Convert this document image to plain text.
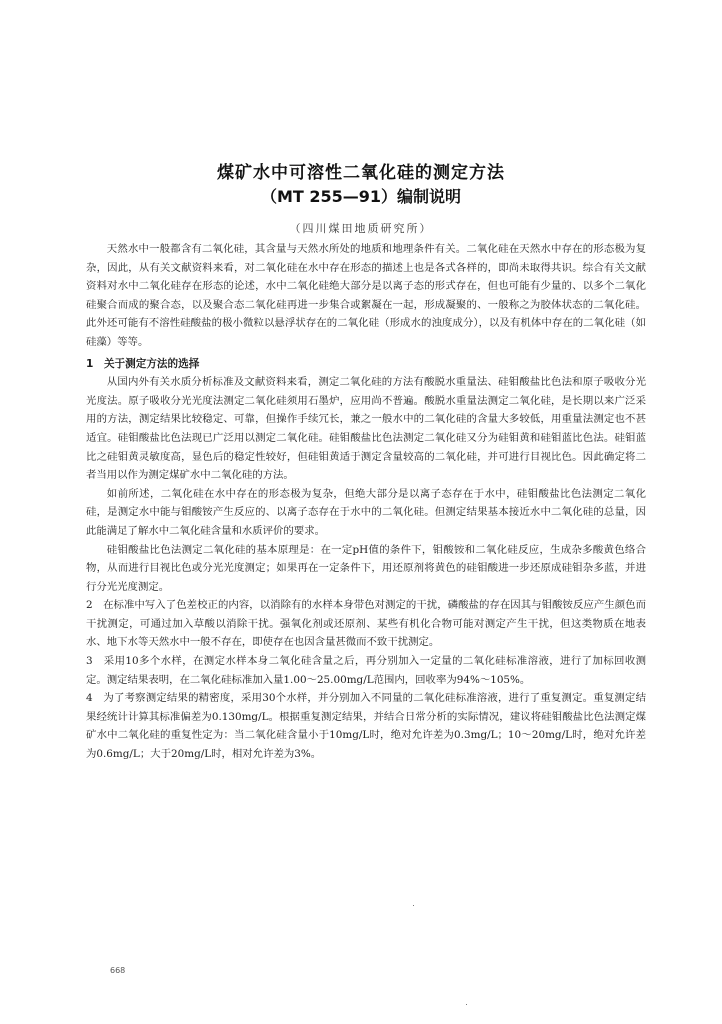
煤矿水中可溶性二氧化硅的测定方法
（MT 255—91）编制说明
（四川煤田地质研究所）

天然水中一般都含有二氧化硅，其含量与天然水所处的地质和地理条件有关。二氧化硅在天然水中存在的形态极为复杂，因此，从有关文献资料来看，对二氧化硅在水中存在形态的描述上也是各式各样的，即尚未取得共识。综合有关文献资料对水中二氧化硅存在形态的论述，水中二氧化硅绝大部分是以离子态的形式存在，但也可能有少量的、以多个二氧化硅聚合而成的聚合态，以及聚合态二氧化硅再进一步集合或絮凝在一起，形成凝聚的、一般称之为胶体状态的二氧化硅。此外还可能有不溶性硅酸盐的极小微粒以悬浮状存在的二氧化硅（形成水的浊度成分），以及有机体中存在的二氧化硅（如硅藻）等等。

1　关于测定方法的选择

从国内外有关水质分析标准及文献资料来看，测定二氧化硅的方法有酸脱水重量法、硅钼酸盐比色法和原子吸收分光光度法。原子吸收分光光度法测定二氧化硅须用石墨炉，应用尚不普遍。酸脱水重量法测定二氧化硅，是长期以来广泛采用的方法，测定结果比较稳定、可靠，但操作手续冗长，兼之一般水中的二氧化硅的含量大多较低，用重量法测定也不甚适宜。硅钼酸盐比色法现已广泛用以测定二氧化硅。硅钼酸盐比色法测定二氧化硅又分为硅钼黄和硅钼蓝比色法。硅钼蓝比之硅钼黄灵敏度高，显色后的稳定性较好，但硅钼黄适于测定含量较高的二氧化硅，并可进行目视比色。因此确定将二者当用以作为测定煤矿水中二氧化硅的方法。

如前所述，二氧化硅在水中存在的形态极为复杂，但绝大部分是以离子态存在于水中，硅钼酸盐比色法测定二氧化硅，是测定水中能与钼酸铵产生反应的、以离子态存在于水中的二氧化硅。但测定结果基本接近水中二氧化硅的总量，因此能满足了解水中二氧化硅含量和水质评价的要求。

硅钼酸盐比色法测定二氧化硅的基本原理是：在一定pH值的条件下，钼酸铵和二氧化硅反应，生成杂多酸黄色络合物，从而进行目视比色或分光光度测定；如果再在一定条件下，用还原剂将黄色的硅钼酸进一步还原成硅钼杂多蓝，并进行分光光度测定。

2　在标准中写入了色差校正的内容，以消除有的水样本身带色对测定的干扰，磷酸盐的存在因其与钼酸铵反应产生颜色而干扰测定，可通过加入草酸以消除干扰。强氧化剂或还原剂、某些有机化合物可能对测定产生干扰，但这类物质在地表水、地下水等天然水中一般不存在，即使存在也因含量甚微而不致干扰测定。

3　采用10多个水样，在测定水样本身二氧化硅含量之后，再分别加入一定量的二氧化硅标准溶液，进行了加标回收测定。测定结果表明，在二氧化硅标准加入量1.00～25.00mg/L范围内，回收率为94%～105%。

4　为了考察测定结果的精密度，采用30个水样，并分别加入不同量的二氧化硅标准溶液，进行了重复测定。重复测定结果经统计计算其标准偏差为0.130mg/L。根据重复测定结果，并结合日常分析的实际情况，建议将硅钼酸盐比色法测定煤矿水中二氧化硅的重复性定为：当二氧化硅含量小于10mg/L时，绝对允许差为0.3mg/L；10～20mg/L时，绝对允许差为0.6mg/L；大于20mg/L时，相对允许差为3%。

668
